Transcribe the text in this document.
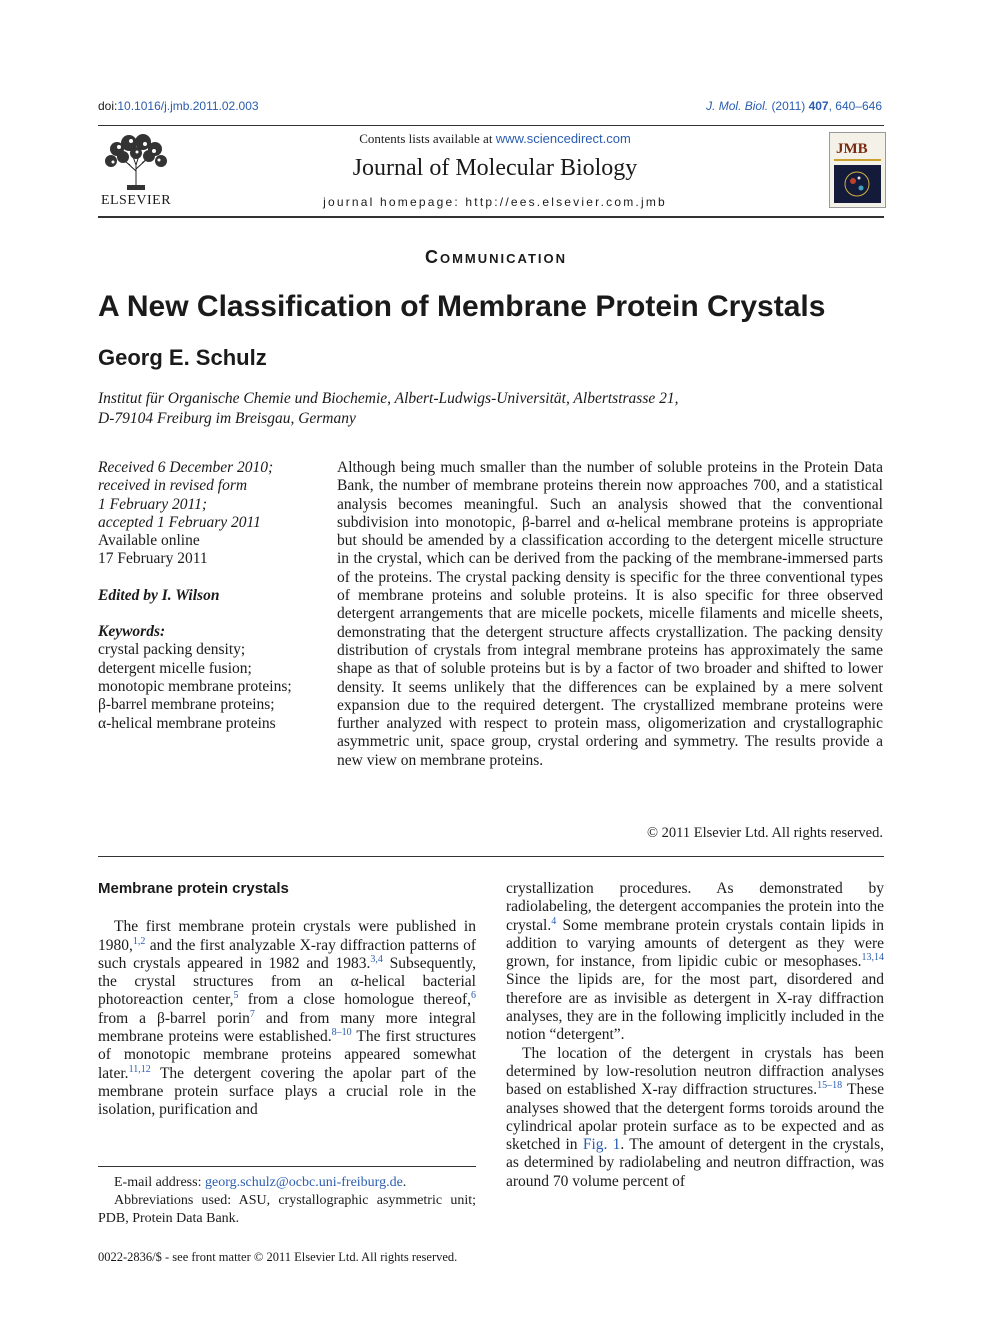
doi:10.1016/j.jmb.2011.02.003	J. Mol. Biol. (2011) 407, 640–646
ELSEVIER
Contents lists available at www.sciencedirect.com
Journal of Molecular Biology
journal homepage: http://ees.elsevier.com.jmb
JMB
Communication
A New Classification of Membrane Protein Crystals
Georg E. Schulz
Institut für Organische Chemie und Biochemie, Albert-Ludwigs-Universität, Albertstrasse 21,
D-79104 Freiburg im Breisgau, Germany
Received 6 December 2010;
received in revised form
1 February 2011;
accepted 1 February 2011
Available online
17 February 2011
Edited by I. Wilson
Keywords:
crystal packing density;
detergent micelle fusion;
monotopic membrane proteins;
β-barrel membrane proteins;
α-helical membrane proteins
Although being much smaller than the number of soluble proteins in the Protein Data Bank, the number of membrane proteins therein now approaches 700, and a statistical analysis becomes meaningful. Such an analysis showed that the conventional subdivision into monotopic, β-barrel and α-helical membrane proteins is appropriate but should be amended by a classification according to the detergent micelle structure in the crystal, which can be derived from the packing of the membrane-immersed parts of the proteins. The crystal packing density is specific for the three conventional types of membrane proteins and soluble proteins. It is also specific for three observed detergent arrangements that are micelle pockets, micelle filaments and micelle sheets, demonstrating that the detergent structure affects crystallization. The packing density distribution of crystals from integral membrane proteins has approximately the same shape as that of soluble proteins but is by a factor of two broader and shifted to lower density. It seems unlikely that the differences can be explained by a mere solvent expansion due to the required detergent. The crystallized membrane proteins were further analyzed with respect to protein mass, oligomerization and crystallographic asymmetric unit, space group, crystal ordering and symmetry. The results provide a new view on membrane proteins.
© 2011 Elsevier Ltd. All rights reserved.
Membrane protein crystals

The first membrane protein crystals were published in 1980,$^{1,2}$ and the first analyzable X-ray diffraction patterns of such crystals appeared in 1982 and 1983.$^{3,4}$ Subsequently, the crystal structures from an α-helical bacterial photoreaction center,$^5$ from a close homologue thereof,$^6$ from a β-barrel porin$^7$ and from many more integral membrane proteins were established.$^{8-10}$ The first structures of monotopic membrane proteins appeared somewhat later.$^{11,12}$ The detergent covering the apolar part of the membrane protein surface plays a crucial role in the isolation, purification and

crystallization procedures. As demonstrated by radiolabeling, the detergent accompanies the protein into the crystal.$^4$ Some membrane protein crystals contain lipids in addition to varying amounts of detergent as they were grown, for instance, from lipidic cubic or mesophases.$^{13,14}$ Since the lipids are, for the most part, disordered and therefore are as invisible as detergent in X-ray diffraction analyses, they are in the following implicitly included in the notion “detergent”.

The location of the detergent in crystals has been determined by low-resolution neutron diffraction analyses based on established X-ray diffraction structures.$^{15-18}$ These analyses showed that the detergent forms toroids around the cylindrical apolar protein surface as to be expected and as sketched in Fig. 1. The amount of detergent in the crystals, as determined by radiolabeling and neutron diffraction, was around 70 volume percent of

E-mail address: georg.schulz@ocbc.uni-freiburg.de.
Abbreviations used: ASU, crystallographic asymmetric unit; PDB, Protein Data Bank.
0022-2836/$ - see front matter © 2011 Elsevier Ltd. All rights reserved.
